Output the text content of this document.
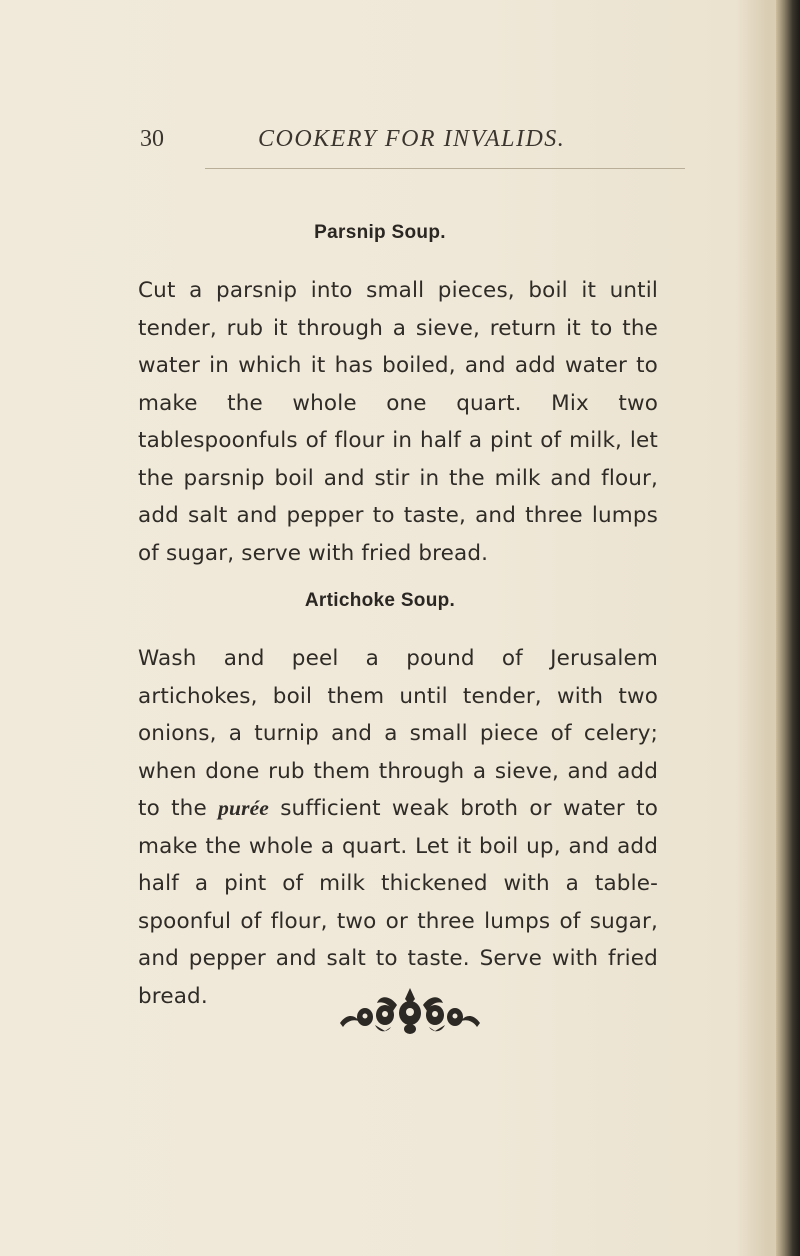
30	COOKERY FOR INVALIDS.
Parsnip Soup.
Cut a parsnip into small pieces, boil it until tender, rub it through a sieve, return it to the water in which it has boiled, and add water to make the whole one quart. Mix two tablespoonfuls of flour in half a pint of milk, let the parsnip boil and stir in the milk and flour, add salt and pepper to taste, and three lumps of sugar, serve with fried bread.
Artichoke Soup.
Wash and peel a pound of Jerusalem artichokes, boil them until tender, with two onions, a turnip and a small piece of celery; when done rub them through a sieve, and add to the purée sufficient weak broth or water to make the whole a quart. Let it boil up, and add half a pint of milk thickened with a table-spoonful of flour, two or three lumps of sugar, and pepper and salt to taste. Serve with fried bread.
